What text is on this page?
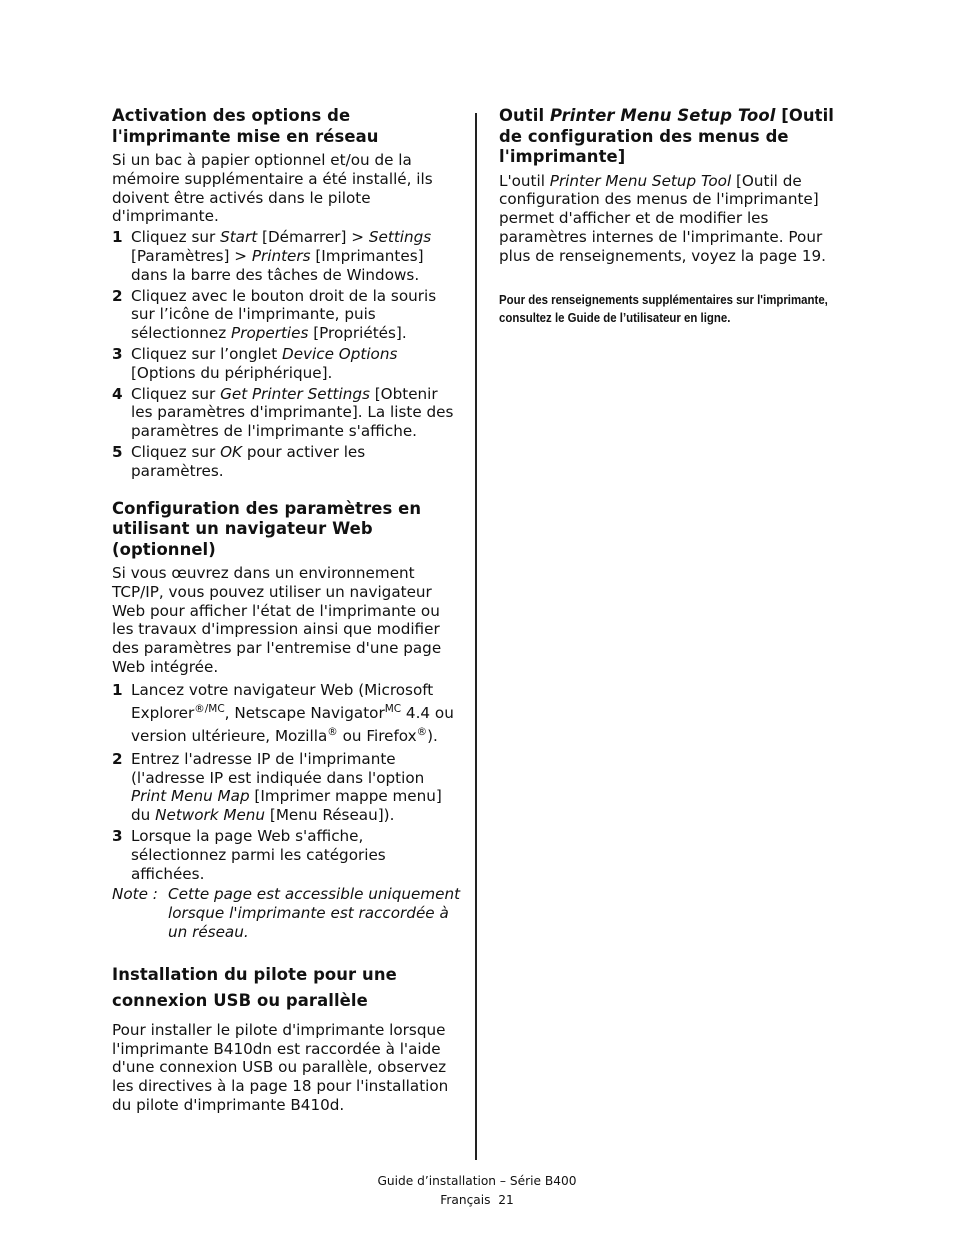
Activation des options de l'imprimante mise en réseau

Si un bac à papier optionnel et/ou de la mémoire supplémentaire a été installé, ils doivent être activés dans le pilote d'imprimante.

1 Cliquez sur Start [Démarrer] > Settings [Paramètres] > Printers [Imprimantes] dans la barre des tâches de Windows.
2 Cliquez avec le bouton droit de la souris sur l’icône de l'imprimante, puis sélectionnez Properties [Propriétés].
3 Cliquez sur l’onglet Device Options [Options du périphérique].
4 Cliquez sur Get Printer Settings [Obtenir les paramètres d'imprimante]. La liste des paramètres de l'imprimante s'affiche.
5 Cliquez sur OK pour activer les paramètres.
Configuration des paramètres en utilisant un navigateur Web (optionnel)

Si vous œuvrez dans un environnement TCP/IP, vous pouvez utiliser un navigateur Web pour afficher l'état de l'imprimante ou les travaux d'impression ainsi que modifier des paramètres par l'entremise d'une page Web intégrée.

1 Lancez votre navigateur Web (Microsoft Explorer$^{®/MC}$, Netscape Navigator$^{MC}$ 4.4 ou version ultérieure, Mozilla® ou Firefox®).
2 Entrez l'adresse IP de l'imprimante (l'adresse IP est indiquée dans l'option Print Menu Map [Imprimer mappe menu] du Network Menu [Menu Réseau]).
3 Lorsque la page Web s'affiche, sélectionnez parmi les catégories affichées.
Note : Cette page est accessible uniquement lorsque l'imprimante est raccordée à un réseau.
Installation du pilote pour une connexion USB ou parallèle

Pour installer le pilote d'imprimante lorsque l'imprimante B410dn est raccordée à l'aide d'une connexion USB ou parallèle, observez les directives à la page 18 pour l'installation du pilote d'imprimante B410d.

Outil Printer Menu Setup Tool [Outil de configuration des menus de l'imprimante]

L'outil Printer Menu Setup Tool [Outil de configuration des menus de l'imprimante] permet d'afficher et de modifier les paramètres internes de l'imprimante. Pour plus de renseignements, voyez la page 19.

Pour des renseignements supplémentaires sur l'imprimante, consultez le Guide de l’utilisateur en ligne.
Guide d’installation – Série B400
Français  21
